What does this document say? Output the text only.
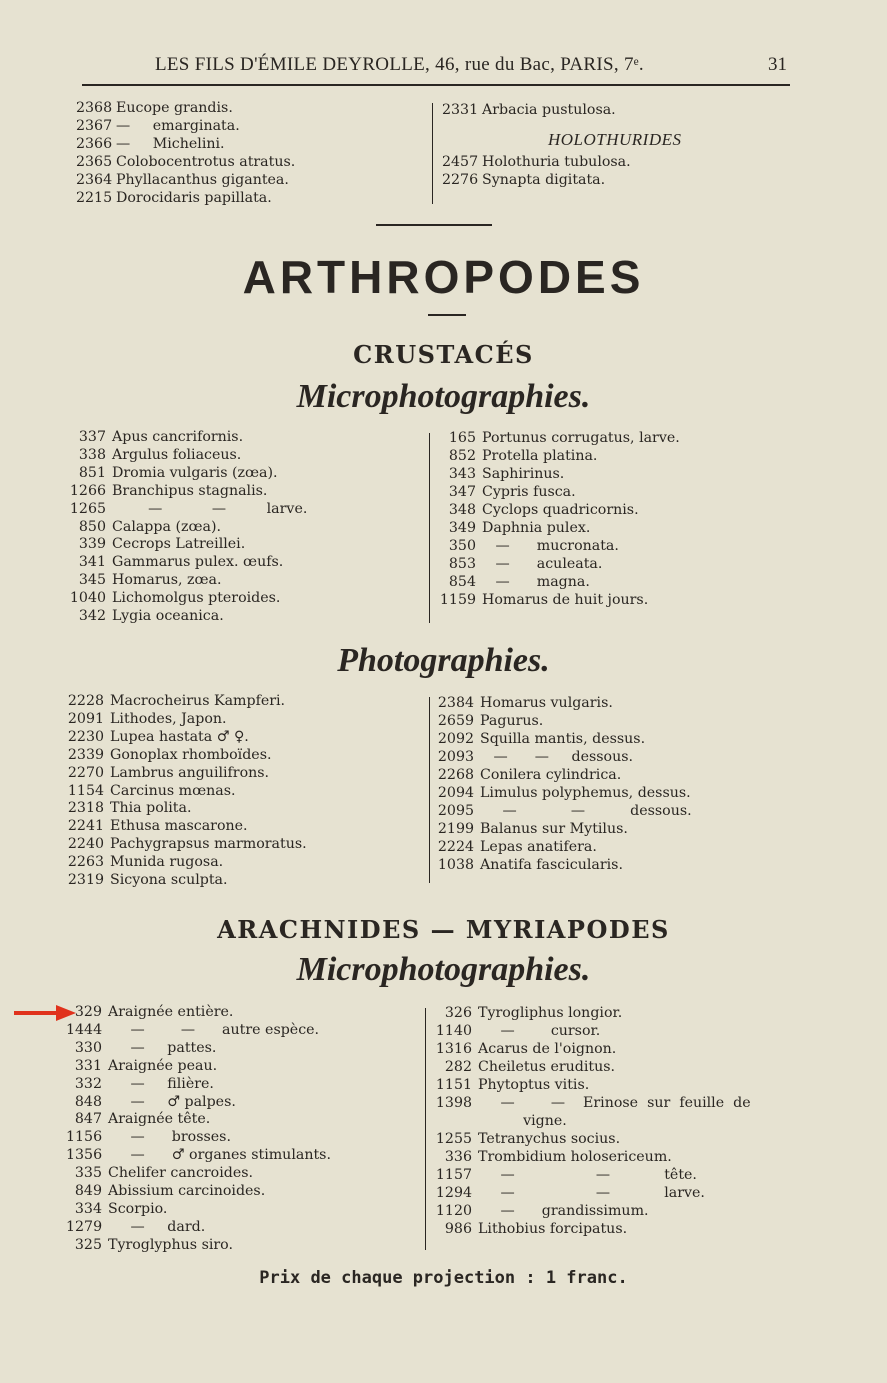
LES FILS D'ÉMILE DEYROLLE, 46, rue du Bac, PARIS, 7ᵉ.	31
2368 Eucope grandis.
2367 —     emarginata.
2366 —     Michelini.
2365 Colobocentrotus atratus.
2364 Phyllacanthus gigantea.
2215 Dorocidaris papillata.
2331 Arbacia pustulosa.
HOLOTHURIDES
2457 Holothuria tubulosa.
2276 Synapta digitata.
ARTHROPODES
CRUSTACÉS
Microphotographies.
337 Apus cancrifornis.
338 Argulus foliaceus.
851 Dromia vulgaris (zœa).
1266 Branchipus stagnalis.
1265        —           —         larve.
850 Calappa (zœa).
339 Cecrops Latreillei.
341 Gammarus pulex. œufs.
345 Homarus, zœa.
1040 Lichomolgus pteroides.
342 Lygia oceanica.
165 Portunus corrugatus, larve.
852 Protella platina.
343 Saphirinus.
347 Cypris fusca.
348 Cyclops quadricornis.
349 Daphnia pulex.
350   —      mucronata.
853   —      aculeata.
854   —      magna.
1159 Homarus de huit jours.
Photographies.
2228 Macrocheirus Kampferi.
2091 Lithodes, Japon.
2230 Lupea hastata ♂ ♀.
2339 Gonoplax rhomboïdes.
2270 Lambrus anguilifrons.
1154 Carcinus mœnas.
2318 Thia polita.
2241 Ethusa mascarone.
2240 Pachygrapsus marmoratus.
2263 Munida rugosa.
2319 Sicyona sculpta.
2384 Homarus vulgaris.
2659 Pagurus.
2092 Squilla mantis, dessus.
2093   —      —     dessous.
2268 Conilera cylindrica.
2094 Limulus polyphemus, dessus.
2095     —            —          dessous.
2199 Balanus sur Mytilus.
2224 Lepas anatifera.
1038 Anatifa fascicularis.
ARACHNIDES — MYRIAPODES
Microphotographies.
329 Araignée entière.
1444     —        —      autre espèce.
330     —     pattes.
331 Araignée peau.
332     —     filière.
848     —     ♂ palpes.
847 Araignée tête.
1156     —      brosses.
1356     —      ♂ organes stimulants.
335 Chelifer cancroides.
849 Abissium carcinoides.
334 Scorpio.
1279     —     dard.
325 Tyroglyphus siro.
326 Tyrogliphus longior.
1140     —        cursor.
1316 Acarus de l'oignon.
282 Cheiletus eruditus.
1151 Phytoptus vitis.
1398     —        —    Erinose  sur  feuille  de
vigne.
1255 Tetranychus socius.
336 Trombidium holosericeum.
1157     —                  —            tête.
1294     —                  —            larve.
1120     —      grandissimum.
986 Lithobius forcipatus.
Prix de chaque projection : 1 franc.
